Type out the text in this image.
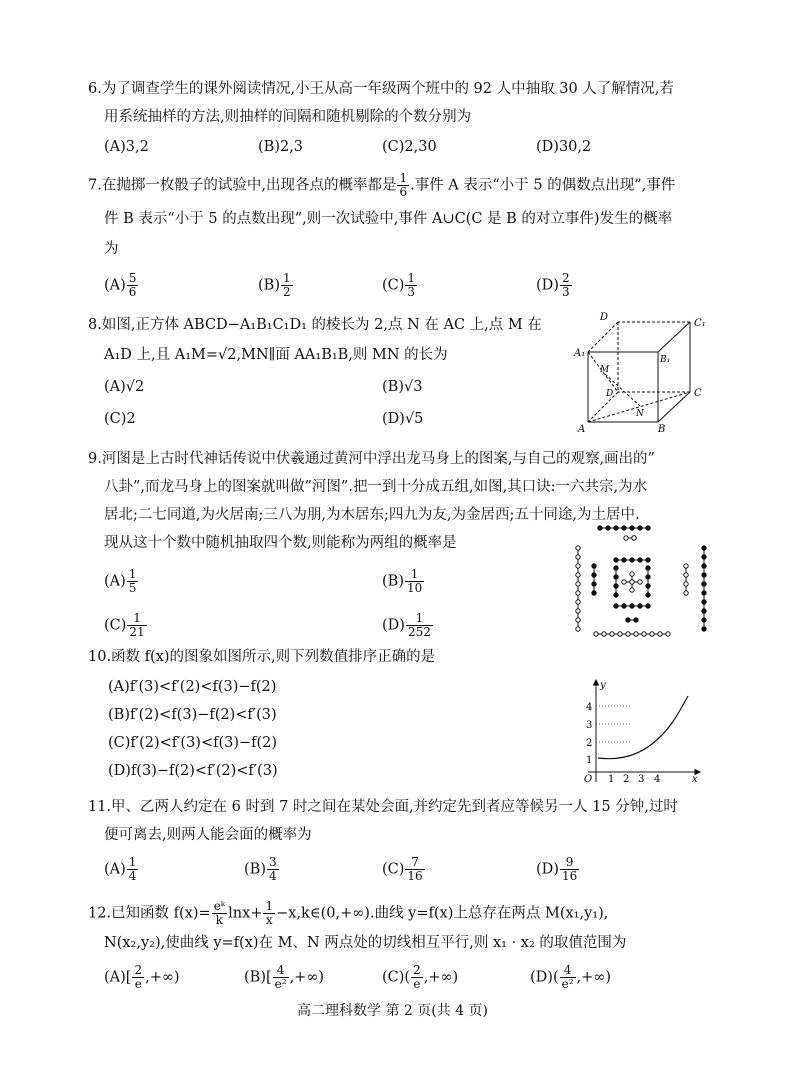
6.为了调查学生的课外阅读情况,小王从高一年级两个班中的 92 人中抽取 30 人了解情况,若
用系统抽样的方法,则抽样的间隔和随机剔除的个数分别为
(A)3,2	(B)2,3	(C)2,30	(D)30,2
7.在抛掷一枚骰子的试验中,出现各点的概率都是 $\frac{1}{6}$ .事件 A 表示“小于 5 的偶数点出现”,事件
件 B 表示“小于 5 的点数出现”,则一次试验中,事件 A∪C(C 是 B 的对立事件)发生的概率
为
$(A) \frac{5}{6}$	$(B) \frac{1}{2}$	$(C) \frac{1}{3}$	$(D) \frac{2}{3}$
8.如图,正方体 ABCD−A₁B₁C₁D₁ 的棱长为 2,点 N 在 AC 上,点 M 在
A₁D 上,且 A₁M=√2,MN∥面 AA₁B₁B,则 MN 的长为
(A)√2	(B)√3
(C)2	(D)√5
D
C₁
A₁
B₁
M
D	C
N
A	B
9.河图是上古时代神话传说中伏羲通过黄河中浮出龙马身上的图案,与自己的观察,画出的”
八卦”,而龙马身上的图案就叫做”河图”.把一到十分成五组,如图,其口诀:一六共宗,为水
居北;二七同道,为火居南;三八为朋,为木居东;四九为友,为金居西;五十同途,为土居中.
现从这十个数中随机抽取四个数,则能称为两组的概率是
$(A) \frac{1}{5}$	$(B) \frac{1}{10}$
$(C) \frac{1}{21}$	$(D) \frac{1}{252}$
10.函数 f(x)的图象如图所示,则下列数值排序正确的是
(A)f′(3)<f′(2)<f(3)−f(2)
(B)f′(2)<f(3)−f(2)<f′(3)
(C)f′(2)<f′(3)<f(3)−f(2)
(D)f(3)−f(2)<f′(2)<f′(3)
y
x
O 1 2 3 4
1
2
3
4
11.甲、乙两人约定在 6 时到 7 时之间在某处会面,并约定先到者应等候另一人 15 分钟,过时
便可离去,则两人能会面的概率为
$(A) \frac{1}{4}$	$(B) \frac{3}{4}$	$(C) \frac{7}{16}$	$(D) \frac{9}{16}$
12.已知函数 $f(x)= \frac{\text{eᵏ}}{k} \ln x+ \frac{1}{x}$ −x,k∈(0,+∞).曲线 y=f(x)上总存在两点 M(x₁,y₁),
N(x₂,y₂),使曲线 y=f(x)在 M、N 两点处的切线相互平行,则 x₁ · x₂ 的取值范围为
$(A)[ \frac{2}{e}$ ,+∞)	$(B)[ \frac{4}{\text{e²}}$ ,+∞)	$(C)( \frac{2}{e}$ ,+∞)	$(D)( \frac{4}{\text{e²}}$ ,+∞)
高二理科数学 第 2 页(共 4 页)
